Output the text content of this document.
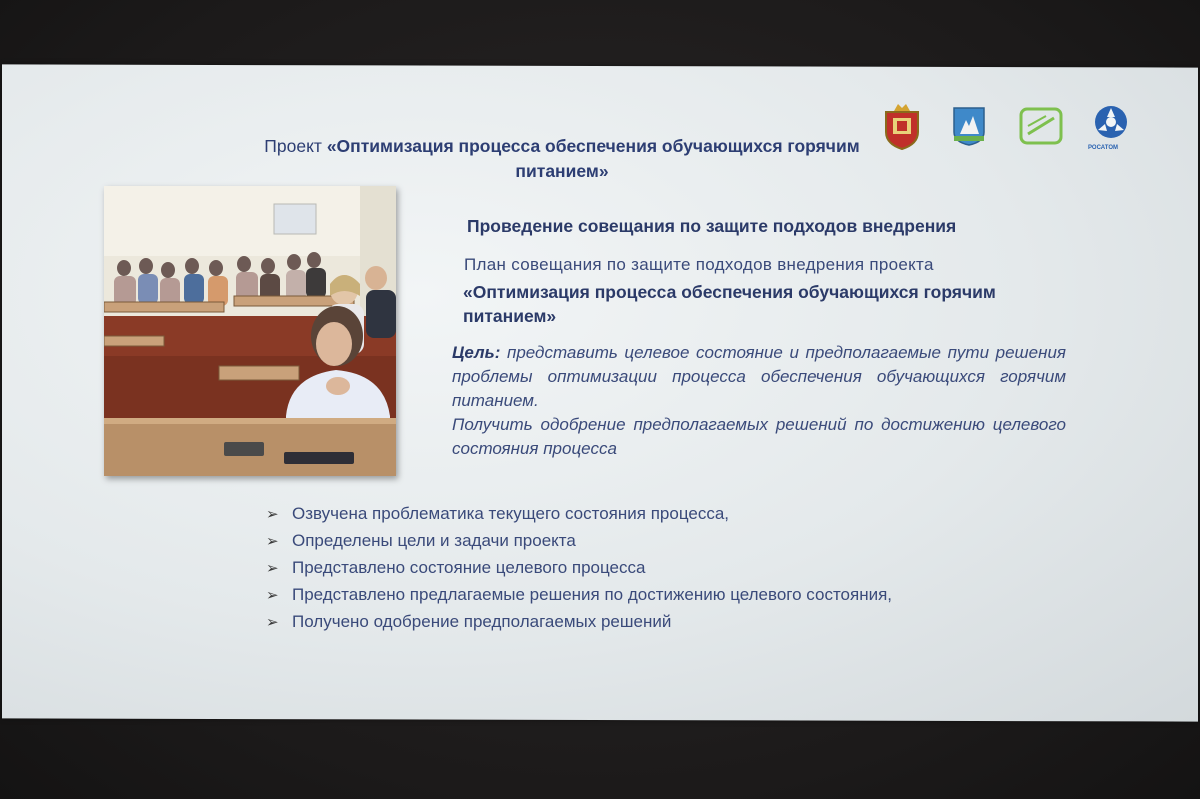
Проект «Оптимизация процесса обеспечения обучающихся горячим питанием»
РОСАТОМ
Проведение совещания по защите подходов внедрения
План совещания по защите подходов внедрения проекта
«Оптимизация процесса обеспечения обучающихся горячим питанием»

Цель: представить целевое состояние и предполагаемые пути решения проблемы оптимизации процесса обеспечения обучающихся горячим питанием.

Получить одобрение предполагаемых решений по достижению целевого состояния процесса

➢ Озвучена проблематика текущего состояния процесса,
➢ Определены цели и задачи проекта
➢ Представлено состояние целевого процесса
➢ Представлено предлагаемые решения по достижению целевого состояния,
➢ Получено одобрение предполагаемых решений
